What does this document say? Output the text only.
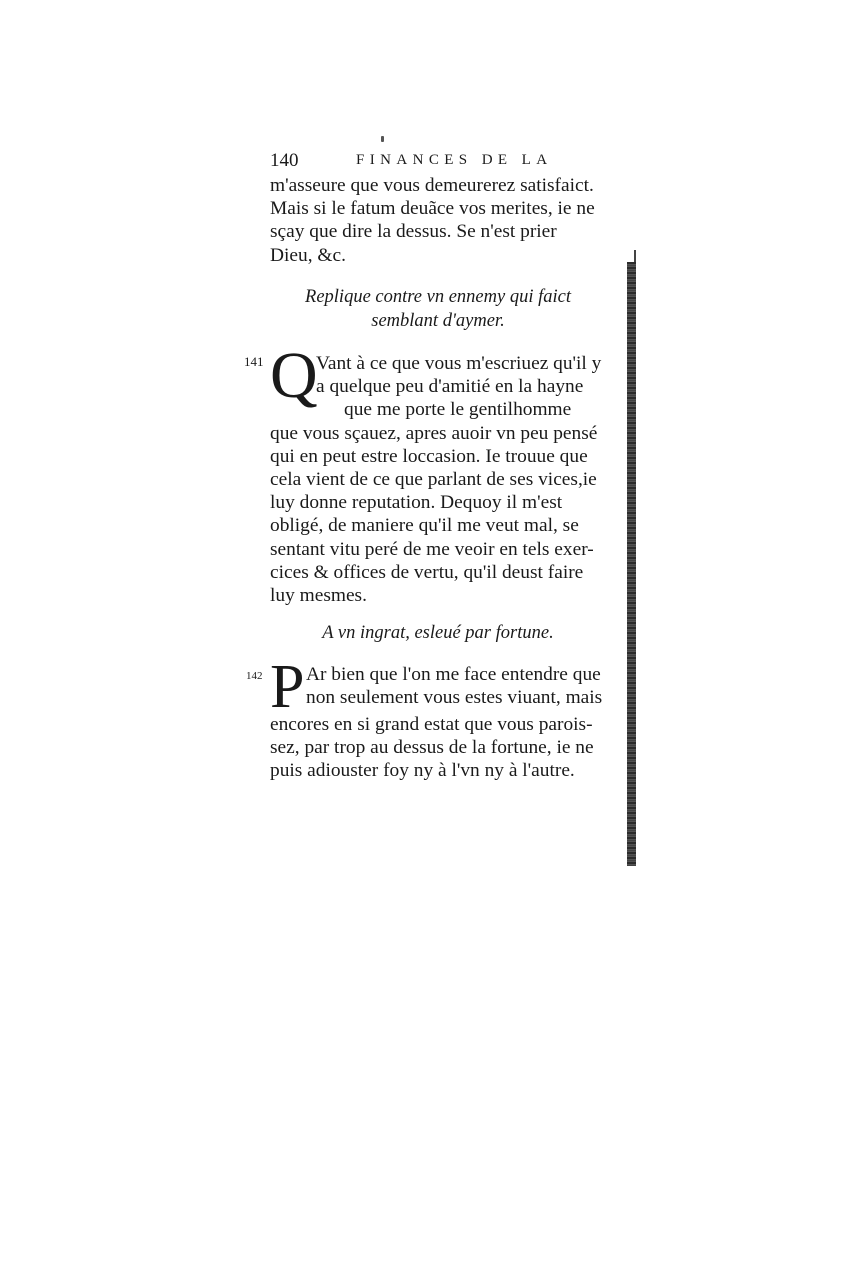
140	FINANCES DE LA
m'asseure que vous demeurerez satisfaict.
Mais si le fatum deuãce vos merites, ie ne
sçay que dire la dessus. Se n'est prier
Dieu, &c.
Replique contre vn ennemy qui faict
semblant d'aymer.
141 Q
Vant à ce que vous m'escriuez qu'il y
a quelque peu d'amitié en la hayne
que me porte le gentilhomme
que vous sçauez, apres auoir vn peu pensé
qui en peut estre loccasion. Ie trouue que
cela vient de ce que parlant de ses vices,ie
luy donne reputation. Dequoy il m'est
obligé, de maniere qu'il me veut mal, se
sentant vitu peré de me veoir en tels exer-
cices & offices de vertu, qu'il deust faire
luy mesmes.
A vn ingrat, esleué par fortune.
142 P Ar bien que l'on me face entendre que
non seulement vous estes viuant, mais
encores en si grand estat que vous parois-
sez, par trop au dessus de la fortune, ie ne
puis adiouster foy ny à l'vn ny à l'autre.
